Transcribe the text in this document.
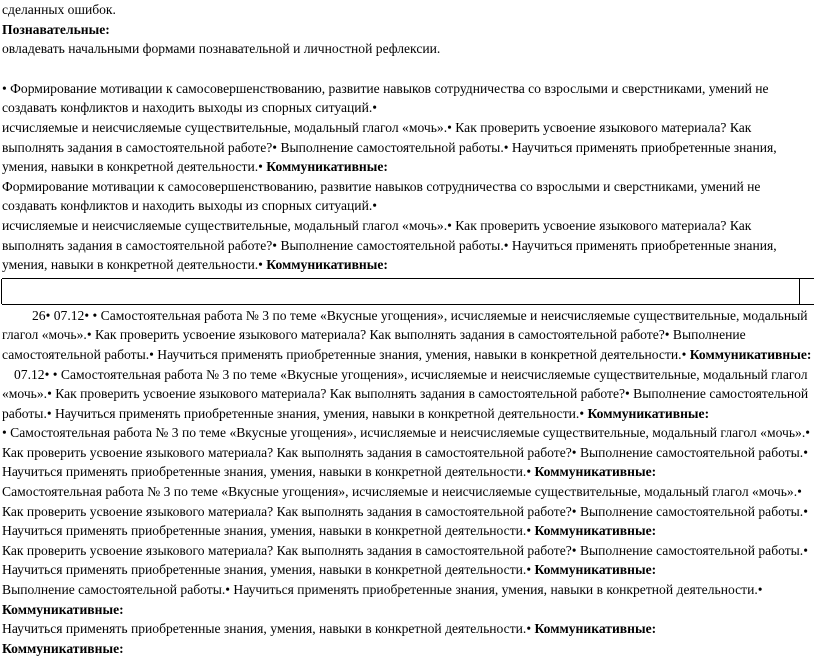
сделанных ошибок.

Познавательные:

овладевать начальными формами познавательной и личностной рефлексии.

• Формирование мотивации к самосовершенствованию, развитие навыков сотрудничества со взрослыми и сверстниками, умений не создавать конфликтов и находить выходы из спорных ситуаций.•

исчисляемые и неисчисляемые существительные, модальный глагол «мочь».• Как проверить усвоение языкового материала? Как выполнять задания в самостоятельной работе?• Выполнение самостоятельной работы.• Научиться применять приобретенные знания, умения, навыки в конкретной деятельности.• Коммуникативные:

Формирование мотивации к самосовершенствованию, развитие навыков сотрудничества со взрослыми и сверстниками, умений не создавать конфликтов и находить выходы из спорных ситуаций.•

исчисляемые и неисчисляемые существительные, модальный глагол «мочь».• Как проверить усвоение языкового материала? Как выполнять задания в самостоятельной работе?• Выполнение самостоятельной работы.• Научиться применять приобретенные знания, умения, навыки в конкретной деятельности.• Коммуникативные:

26• 07.12• • Самостоятельная работа № 3 по теме «Вкусные угощения», исчисляемые и неисчисляемые существительные, модальный глагол «мочь».• Как проверить усвоение языкового материала? Как выполнять задания в самостоятельной работе?• Выполнение самостоятельной работы.• Научиться применять приобретенные знания, умения, навыки в конкретной деятельности.• Коммуникативные:

07.12• • Самостоятельная работа № 3 по теме «Вкусные угощения», исчисляемые и неисчисляемые существительные, модальный глагол «мочь».• Как проверить усвоение языкового материала? Как выполнять задания в самостоятельной работе?• Выполнение самостоятельной работы.• Научиться применять приобретенные знания, умения, навыки в конкретной деятельности.• Коммуникативные:

• Самостоятельная работа № 3 по теме «Вкусные угощения», исчисляемые и неисчисляемые существительные, модальный глагол «мочь».• Как проверить усвоение языкового материала? Как выполнять задания в самостоятельной работе?• Выполнение самостоятельной работы.• Научиться применять приобретенные знания, умения, навыки в конкретной деятельности.• Коммуникативные:

Самостоятельная работа № 3 по теме «Вкусные угощения», исчисляемые и неисчисляемые существительные, модальный глагол «мочь».• Как проверить усвоение языкового материала? Как выполнять задания в самостоятельной работе?• Выполнение самостоятельной работы.• Научиться применять приобретенные знания, умения, навыки в конкретной деятельности.• Коммуникативные:

Как проверить усвоение языкового материала? Как выполнять задания в самостоятельной работе?• Выполнение самостоятельной работы.• Научиться применять приобретенные знания, умения, навыки в конкретной деятельности.• Коммуникативные:

Выполнение самостоятельной работы.• Научиться применять приобретенные знания, умения, навыки в конкретной деятельности.• Коммуникативные:

Научиться применять приобретенные знания, умения, навыки в конкретной деятельности.• Коммуникативные:

Коммуникативные:
